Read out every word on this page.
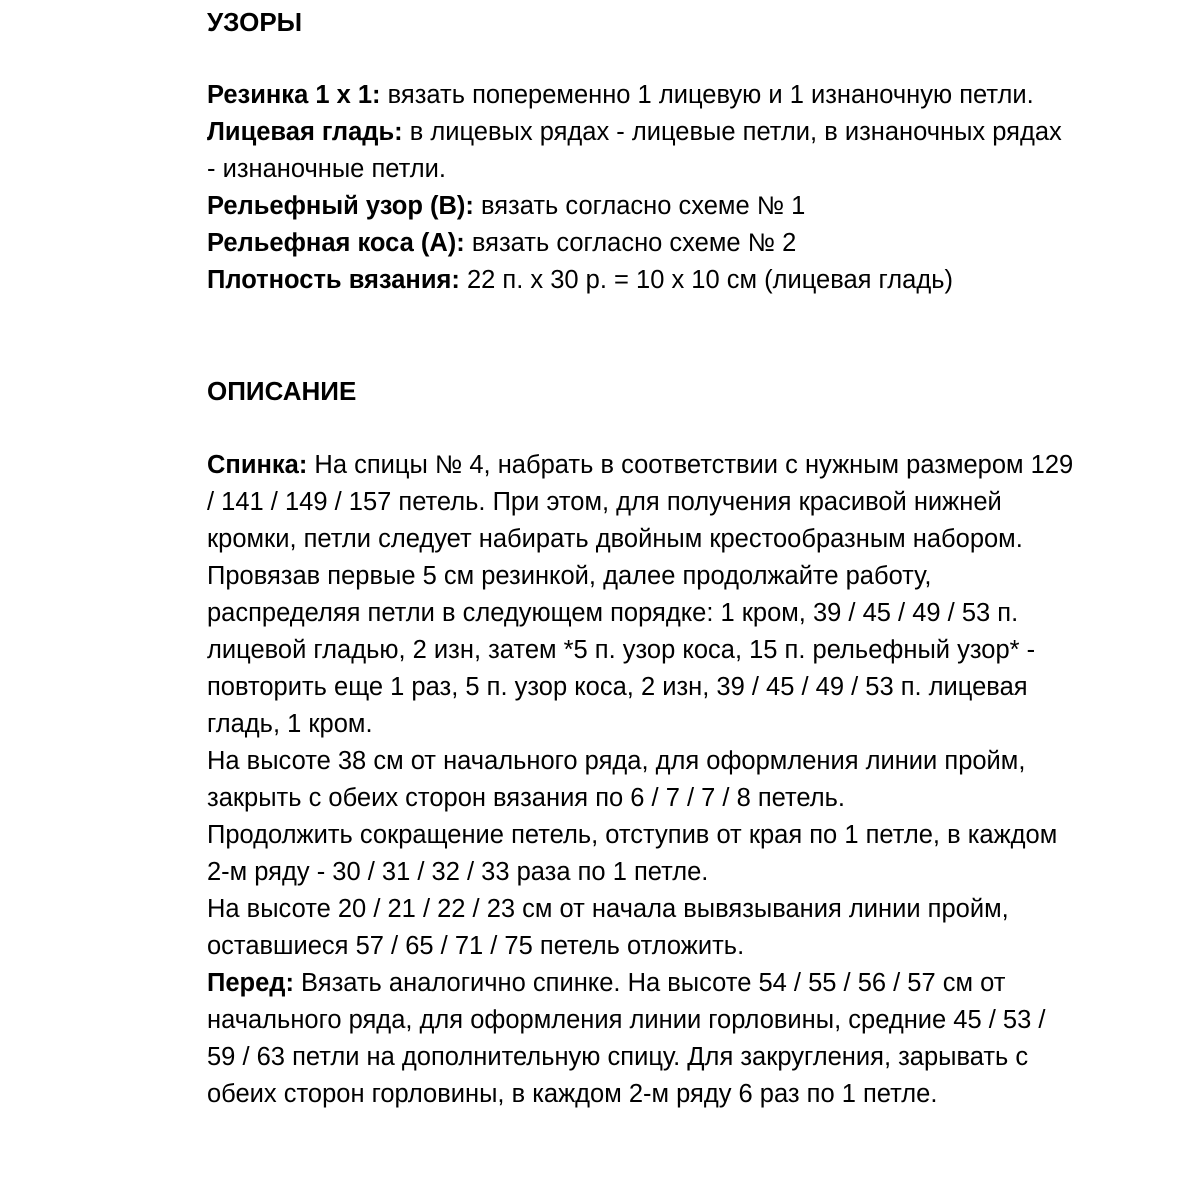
УЗОРЫ

Резинка 1 х 1: вязать попеременно 1 лицевую и 1 изнаночную петли.

Лицевая гладь: в лицевых рядах - лицевые петли, в изнаночных рядах - изнаночные петли.

Рельефный узор (В): вязать согласно схеме № 1

Рельефная коса (А): вязать согласно схеме № 2

Плотность вязания: 22 п. х 30 р. = 10 х 10 см (лицевая гладь)

ОПИСАНИЕ

Спинка: На спицы № 4, набрать в соответствии с нужным размером 129 / 141 / 149 / 157 петель. При этом, для получения красивой нижней кромки, петли следует набирать двойным крестообразным набором.

Провязав первые 5 см резинкой, далее продолжайте работу, распределяя петли в следующем порядке: 1 кром, 39 / 45 / 49 / 53 п. лицевой гладью, 2 изн, затем *5 п. узор коса, 15 п. рельефный узор* - повторить еще 1 раз, 5 п. узор коса, 2 изн, 39 / 45 / 49 / 53 п. лицевая гладь, 1 кром.

На высоте 38 см от начального ряда, для оформления линии пройм, закрыть с обеих сторон вязания по 6 / 7 / 7 / 8 петель.

Продолжить сокращение петель, отступив от края по 1 петле, в каждом 2-м ряду - 30 / 31 / 32 / 33 раза по 1 петле.

На высоте 20 / 21 / 22 / 23 см от начала вывязывания линии пройм, оставшиеся 57 / 65 / 71 / 75 петель отложить.

Перед: Вязать аналогично спинке. На высоте 54 / 55 / 56 / 57 см от начального ряда, для оформления линии горловины, средние 45 / 53 / 59 / 63 петли на дополнительную спицу. Для закругления, зарывать с обеих сторон горловины, в каждом 2-м ряду 6 раз по 1 петле.
